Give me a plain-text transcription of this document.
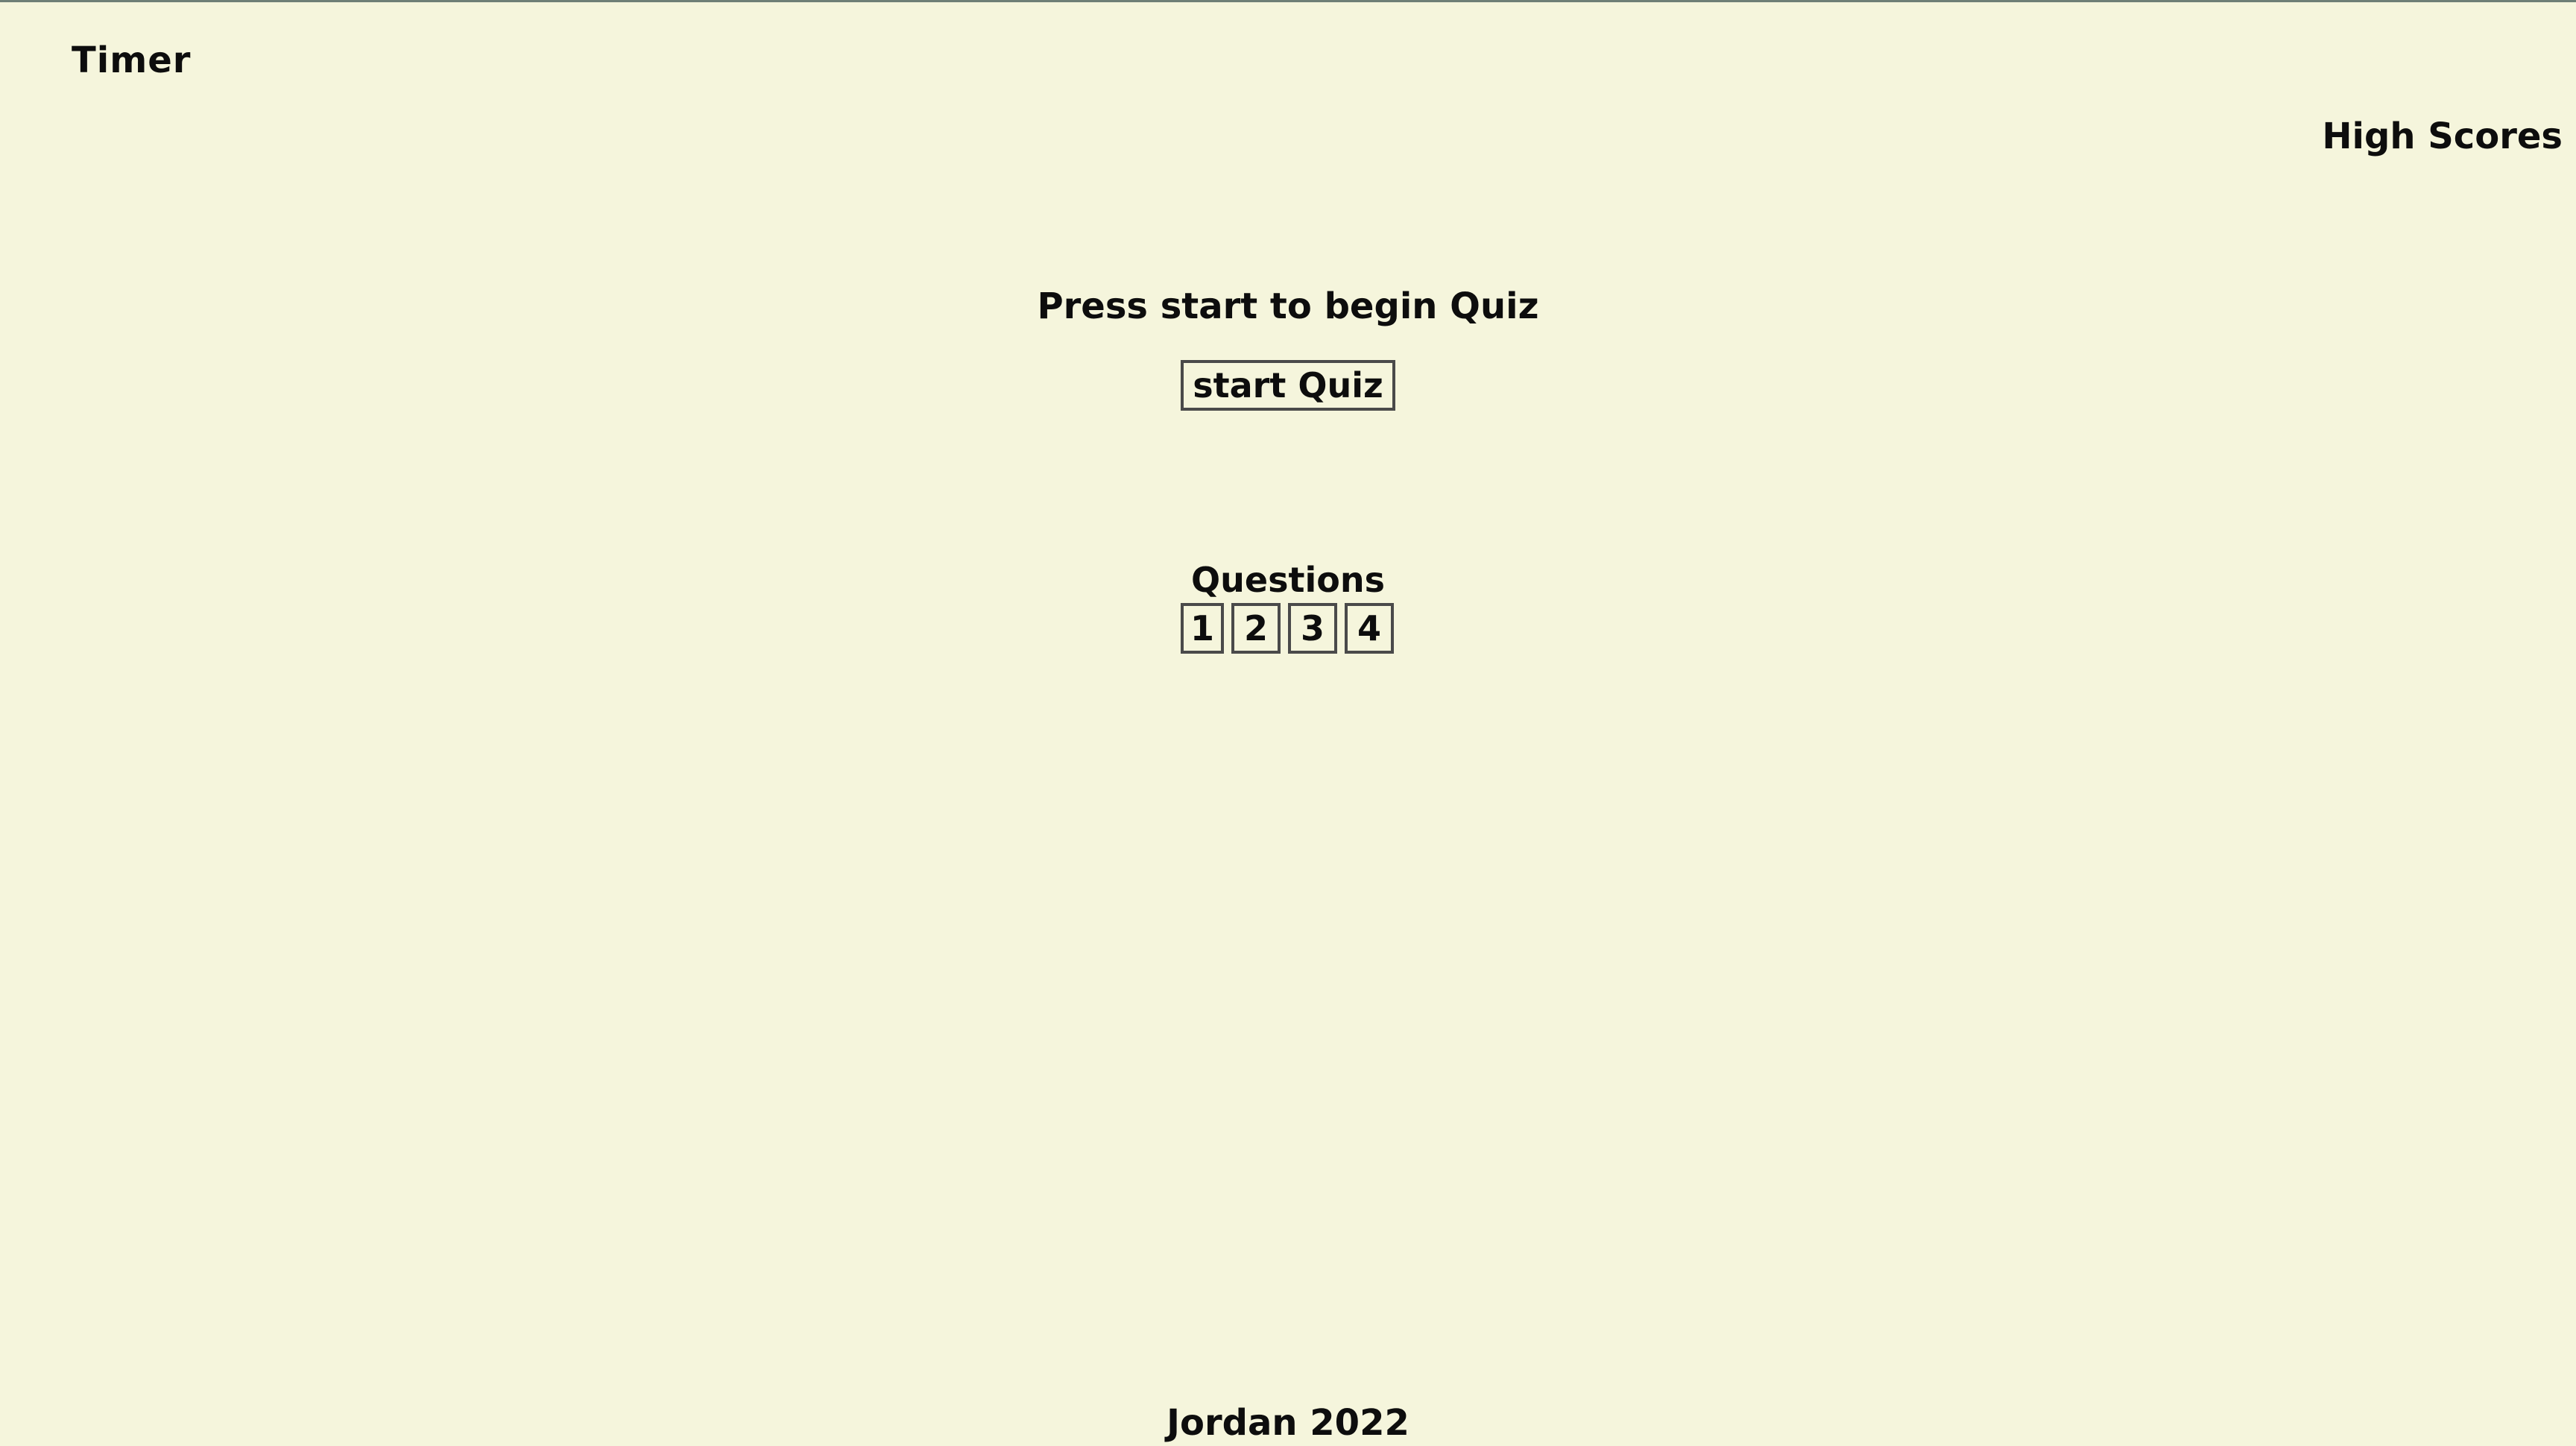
Timer
High Scores
Press start to begin Quiz
start Quiz
Questions
1 2 3 4
Jordan 2022
